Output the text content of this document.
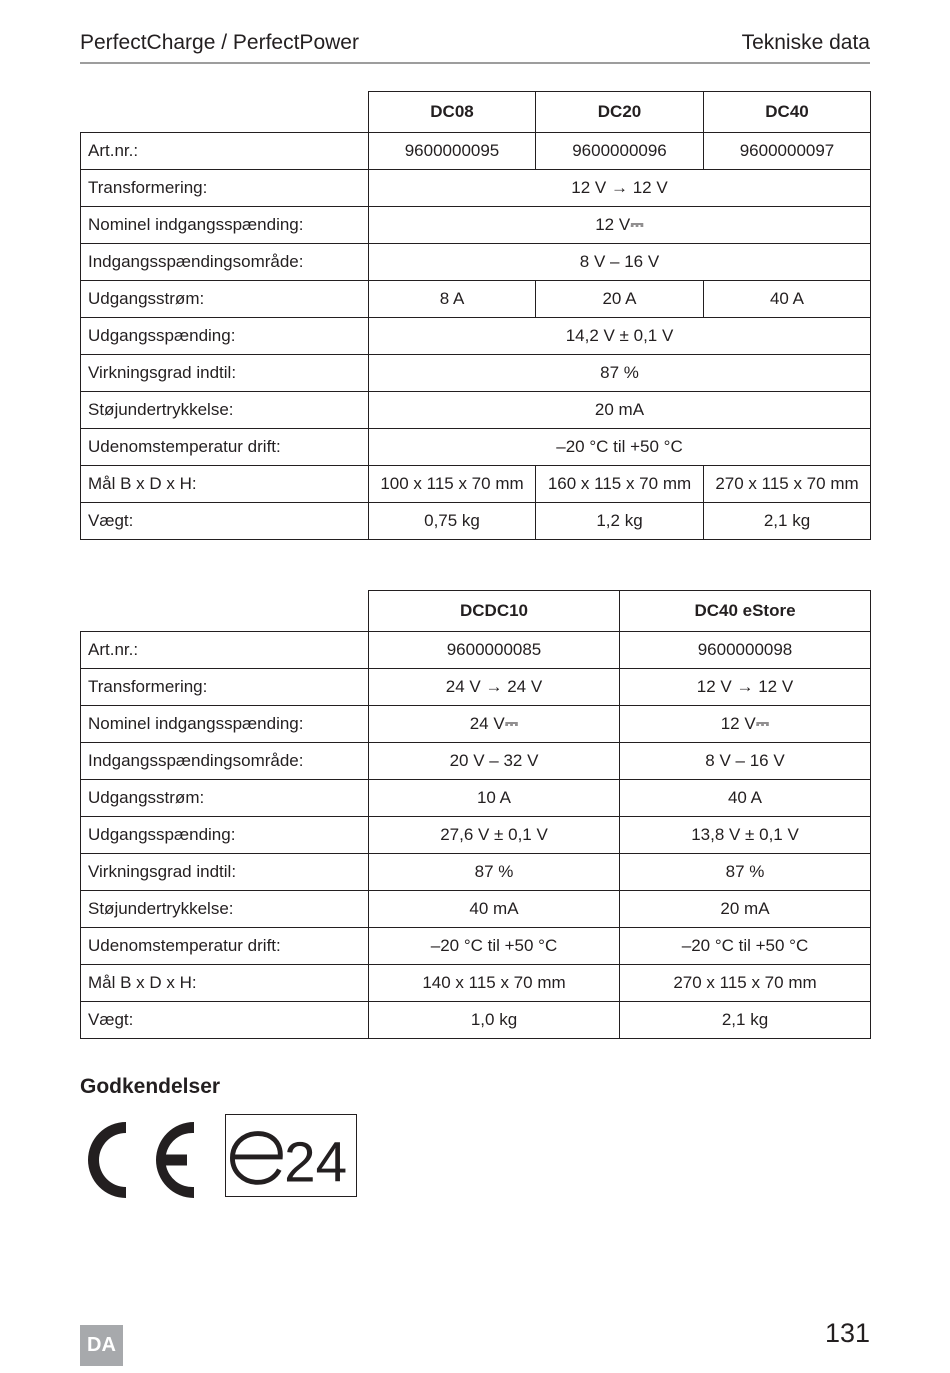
PerfectCharge / PerfectPower	Tekniske data
	DC08	DC20	DC40
Art.nr.:	9600000095	9600000096	9600000097
Transformering:	12 V → 12 V		
Nominel indgangsspænding:	12 V⎓		
Indgangsspændingsområde:	8 V – 16 V		
Udgangsstrøm:	8 A	20 A	40 A
Udgangsspænding:	14,2 V ± 0,1 V		
Virkningsgrad indtil:	87 %		
Støjundertrykkelse:	20 mA		
Udenomstemperatur drift:	–20 °C til +50 °C		
Mål B x D x H:	100 x 115 x 70 mm	160 x 115 x 70 mm	270 x 115 x 70 mm
Vægt:	0,75 kg	1,2 kg	2,1 kg
	DCDC10	DC40 eStore
Art.nr.:	9600000085	9600000098
Transformering:	24 V → 24 V	12 V → 12 V
Nominel indgangsspænding:	24 V⎓	12 V⎓
Indgangsspændingsområde:	20 V – 32 V	8 V – 16 V
Udgangsstrøm:	10 A	40 A
Udgangsspænding:	27,6 V ± 0,1 V	13,8 V ± 0,1 V
Virkningsgrad indtil:	87 %	87 %
Støjundertrykkelse:	40 mA	20 mA
Udenomstemperatur drift:	–20 °C til +50 °C	–20 °C til +50 °C
Mål B x D x H:	140 x 115 x 70 mm	270 x 115 x 70 mm
Vægt:	1,0 kg	2,1 kg
Godkendelser
24
DA	131
